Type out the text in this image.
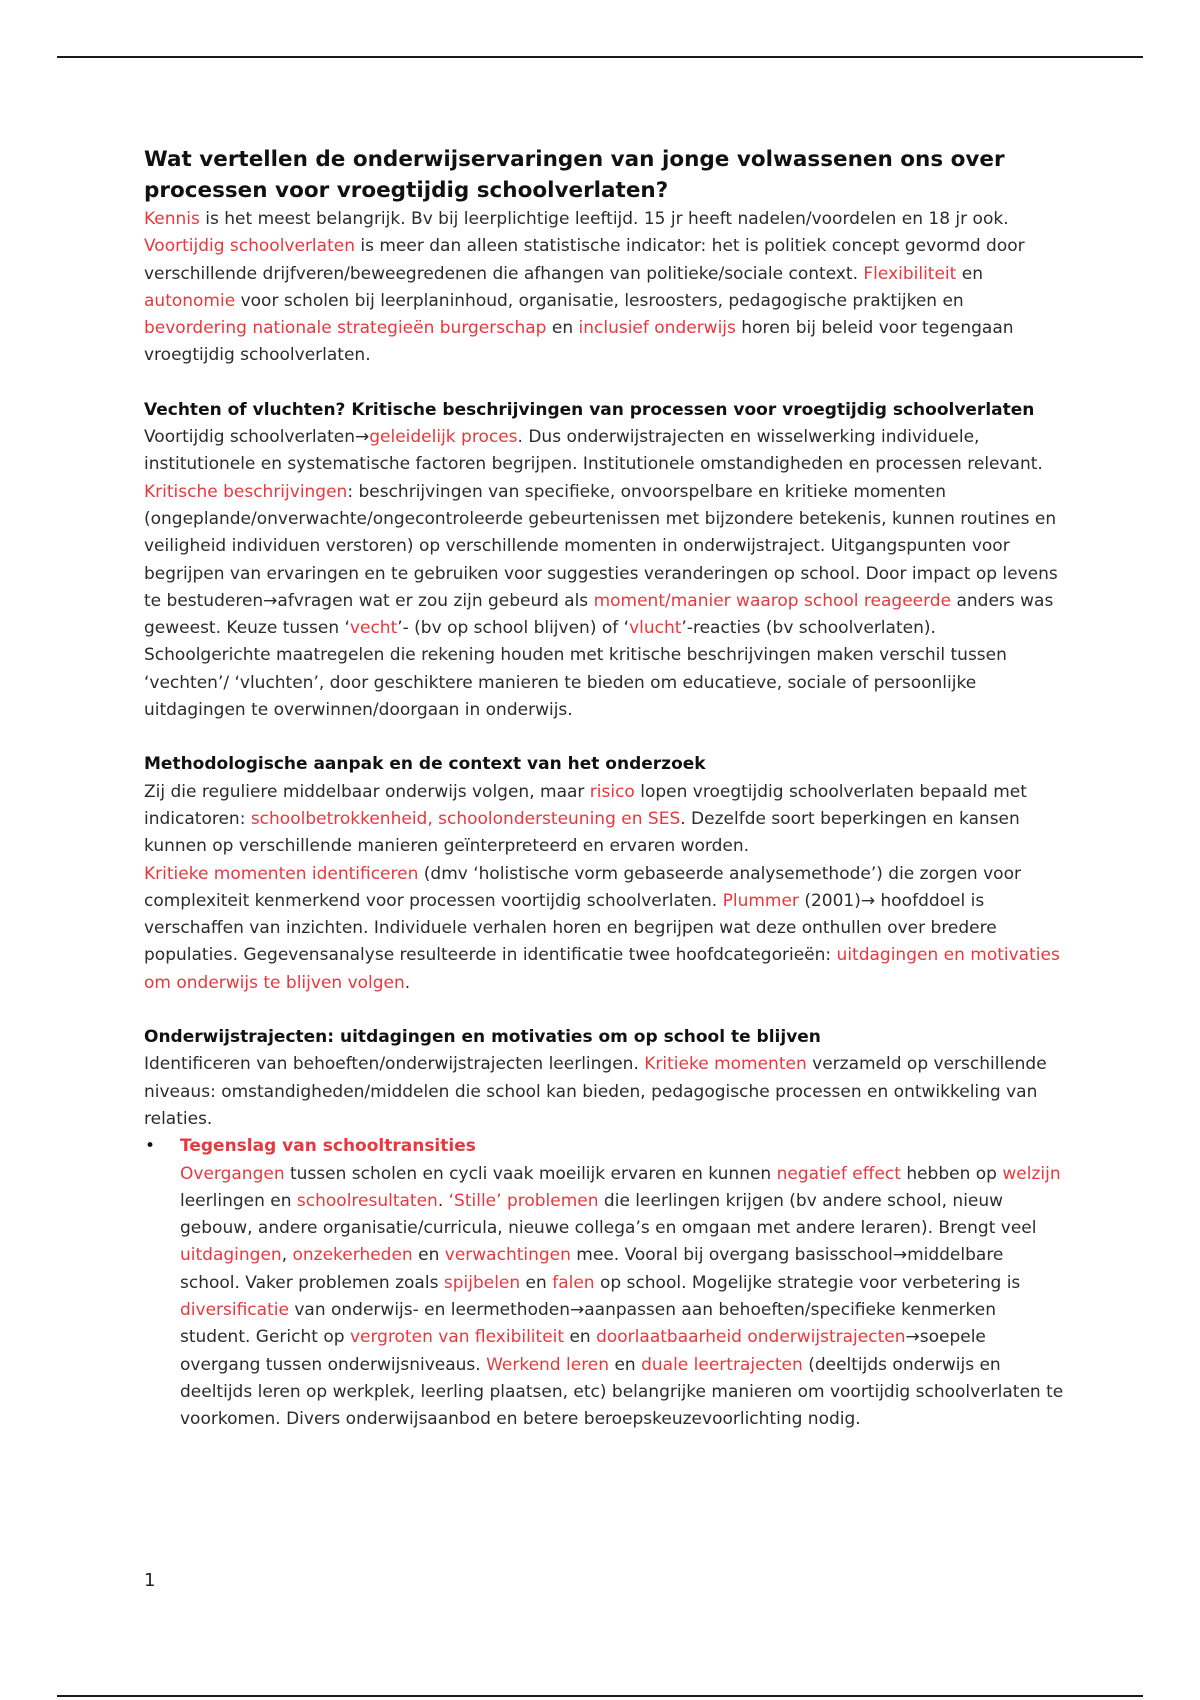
Wat vertellen de onderwijservaringen van jonge volwassenen ons over processen voor vroegtijdig schoolverlaten?

Kennis is het meest belangrijk. Bv bij leerplichtige leeftijd. 15 jr heeft nadelen/voordelen en 18 jr ook. Voortijdig schoolverlaten is meer dan alleen statistische indicator: het is politiek concept gevormd door verschillende drijfveren/beweegredenen die afhangen van politieke/sociale context. Flexibiliteit en autonomie voor scholen bij leerplaninhoud, organisatie, lesroosters, pedagogische praktijken en bevordering nationale strategieën burgerschap en inclusief onderwijs horen bij beleid voor tegengaan vroegtijdig schoolverlaten.

Vechten of vluchten? Kritische beschrijvingen van processen voor vroegtijdig schoolverlaten

Voortijdig schoolverlaten→geleidelijk proces. Dus onderwijstrajecten en wisselwerking individuele, institutionele en systematische factoren begrijpen. Institutionele omstandigheden en processen relevant.

Kritische beschrijvingen: beschrijvingen van specifieke, onvoorspelbare en kritieke momenten (ongeplande/onverwachte/ongecontroleerde gebeurtenissen met bijzondere betekenis, kunnen routines en veiligheid individuen verstoren) op verschillende momenten in onderwijstraject. Uitgangspunten voor begrijpen van ervaringen en te gebruiken voor suggesties veranderingen op school. Door impact op levens te bestuderen→afvragen wat er zou zijn gebeurd als moment/manier waarop school reageerde anders was geweest. Keuze tussen ‘vecht’- (bv op school blijven) of ‘vlucht’-reacties (bv schoolverlaten). Schoolgerichte maatregelen die rekening houden met kritische beschrijvingen maken verschil tussen ‘vechten’/ ‘vluchten’, door geschiktere manieren te bieden om educatieve, sociale of persoonlijke uitdagingen te overwinnen/doorgaan in onderwijs.

Methodologische aanpak en de context van het onderzoek

Zij die reguliere middelbaar onderwijs volgen, maar risico lopen vroegtijdig schoolverlaten bepaald met indicatoren: schoolbetrokkenheid, schoolondersteuning en SES. Dezelfde soort beperkingen en kansen kunnen op verschillende manieren geïnterpreteerd en ervaren worden.

Kritieke momenten identificeren (dmv ‘holistische vorm gebaseerde analysemethode’) die zorgen voor complexiteit kenmerkend voor processen voortijdig schoolverlaten. Plummer (2001)→ hoofddoel is verschaffen van inzichten. Individuele verhalen horen en begrijpen wat deze onthullen over bredere populaties. Gegevensanalyse resulteerde in identificatie twee hoofdcategorieën: uitdagingen en motivaties om onderwijs te blijven volgen.

Onderwijstrajecten: uitdagingen en motivaties om op school te blijven

Identificeren van behoeften/onderwijstrajecten leerlingen. Kritieke momenten verzameld op verschillende niveaus: omstandigheden/middelen die school kan bieden, pedagogische processen en ontwikkeling van relaties.

• Tegenslag van schooltransities

Overgangen tussen scholen en cycli vaak moeilijk ervaren en kunnen negatief effect hebben op welzijn leerlingen en schoolresultaten. ‘Stille’ problemen die leerlingen krijgen (bv andere school, nieuw gebouw, andere organisatie/curricula, nieuwe collega’s en omgaan met andere leraren). Brengt veel uitdagingen, onzekerheden en verwachtingen mee. Vooral bij overgang basisschool→middelbare school. Vaker problemen zoals spijbelen en falen op school. Mogelijke strategie voor verbetering is diversificatie van onderwijs- en leermethoden→aanpassen aan behoeften/specifieke kenmerken student. Gericht op vergroten van flexibiliteit en doorlaatbaarheid onderwijstrajecten→soepele overgang tussen onderwijsniveaus. Werkend leren en duale leertrajecten (deeltijds onderwijs en deeltijds leren op werkplek, leerling plaatsen, etc) belangrijke manieren om voortijdig schoolverlaten te voorkomen. Divers onderwijsaanbod en betere beroepskeuzevoorlichting nodig.

1
